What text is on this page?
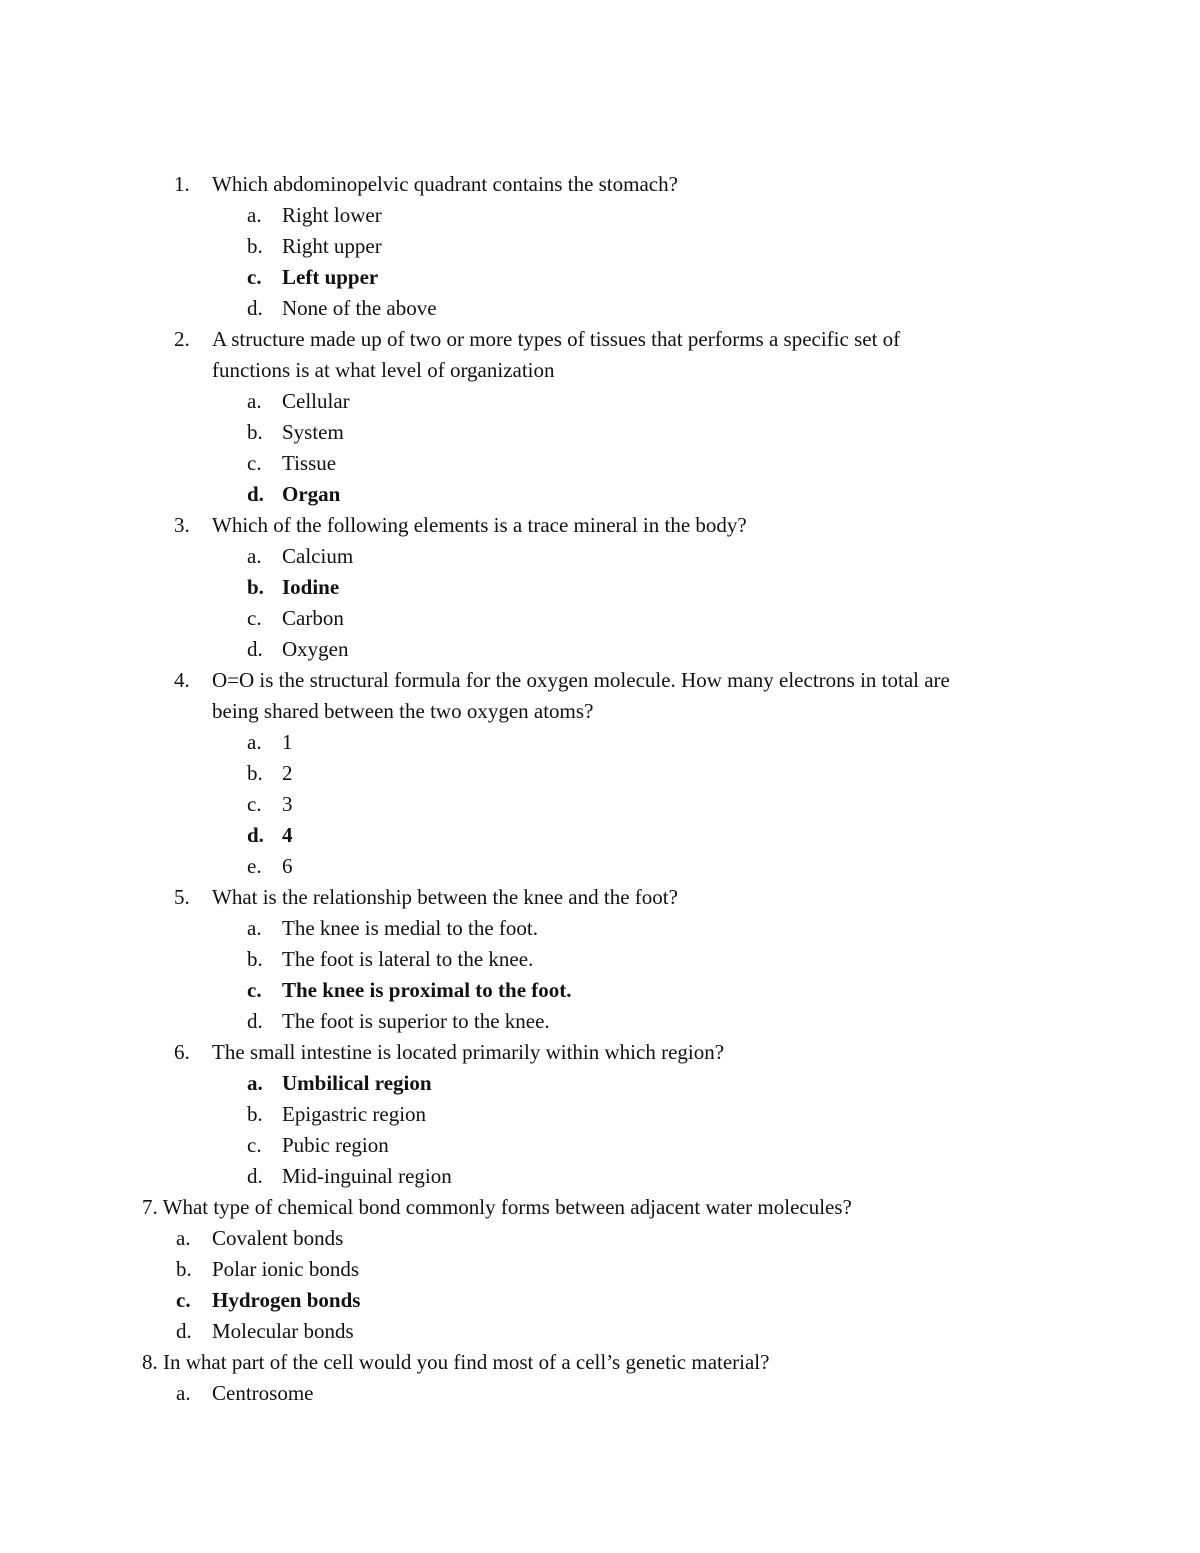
1.	Which abdominopelvic quadrant contains the stomach?
a. Right lower
b. Right upper
c. Left upper
d. None of the above
2.	A structure made up of two or more types of tissues that performs a specific set of
functions is at what level of organization
a. Cellular
b. System
c. Tissue
d. Organ
3.	Which of the following elements is a trace mineral in the body?
a. Calcium
b. Iodine
c. Carbon
d. Oxygen
4.	O=O is the structural formula for the oxygen molecule. How many electrons in total are
being shared between the two oxygen atoms?
a. 1
b. 2
c. 3
d. 4
e. 6
5.	What is the relationship between the knee and the foot?
a. The knee is medial to the foot.
b. The foot is lateral to the knee.
c. The knee is proximal to the foot.
d. The foot is superior to the knee.
6.	The small intestine is located primarily within which region?
a. Umbilical region
b. Epigastric region
c. Pubic region
d. Mid-inguinal region
7. What type of chemical bond commonly forms between adjacent water molecules?
a.	Covalent bonds
b. Polar ionic bonds
c.	Hydrogen bonds
d. Molecular bonds
8. In what part of the cell would you find most of a cell’s genetic material?
a.	Centrosome
